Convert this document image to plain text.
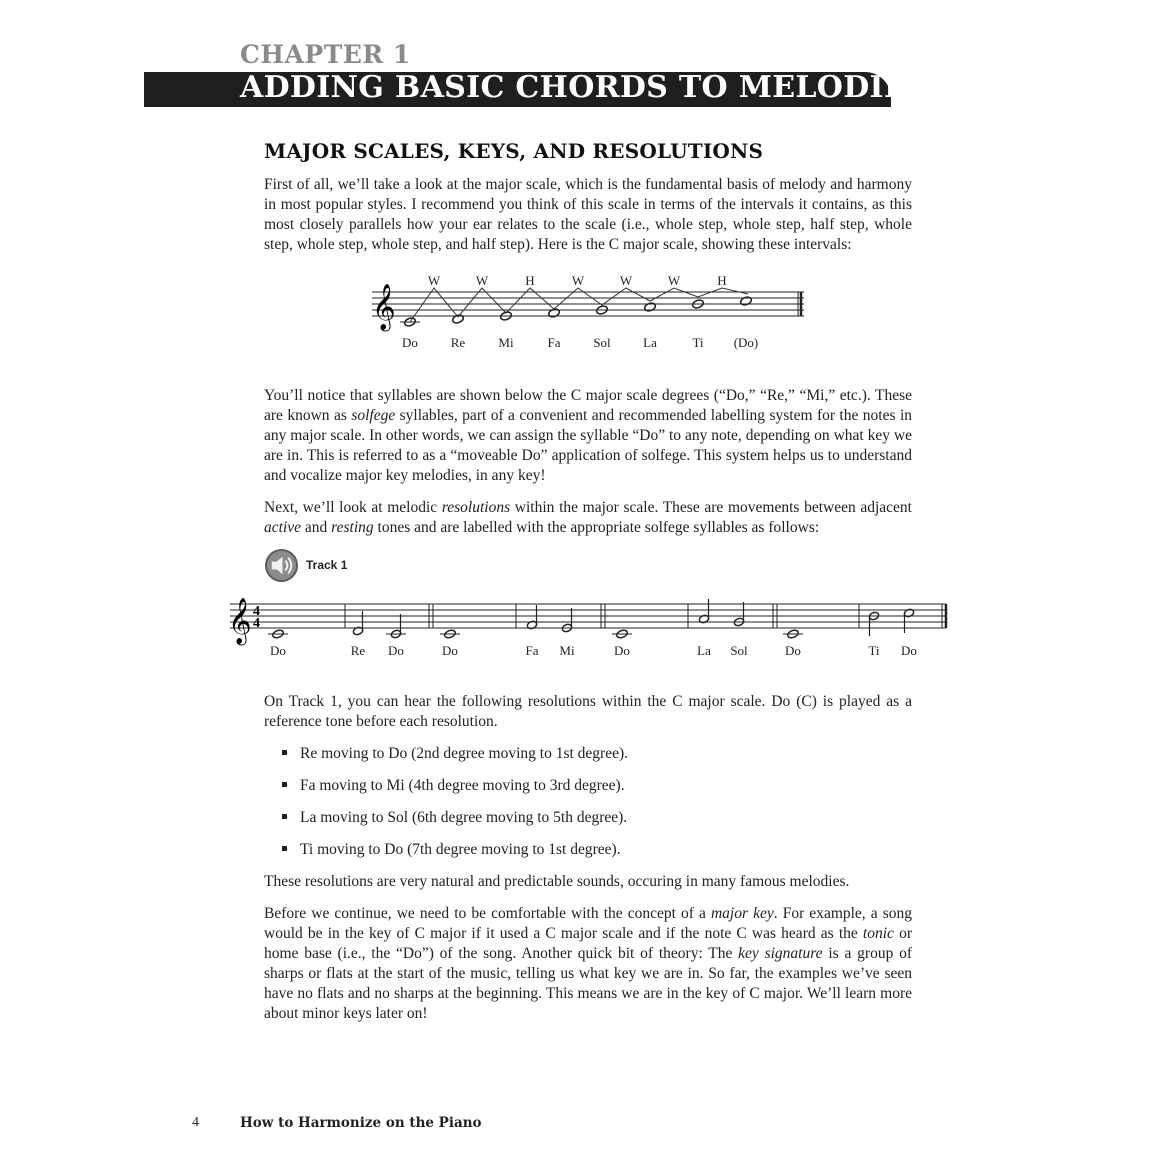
CHAPTER 1
ADDING BASIC CHORDS TO MELODIES
MAJOR SCALES, KEYS, AND RESOLUTIONS

First of all, we’ll take a look at the major scale, which is the fundamental basis of melody and harmony in most popular styles. I recommend you think of this scale in terms of the intervals it contains, as this most closely parallels how your ear relates to the scale (i.e., whole step, whole step, half step, whole step, whole step, whole step, and half step). Here is the C major scale, showing these intervals:

𝄞
W	W	H	W	W	W	H
Do	Re	Mi	Fa	Sol La	Ti (Do)

You’ll notice that syllables are shown below the C major scale degrees (“Do,” “Re,” “Mi,” etc.). These are known as solfege syllables, part of a convenient and recommended labelling system for the notes in any major scale. In other words, we can assign the syllable “Do” to any note, depending on what key we are in. This is referred to as a “moveable Do” application of solfege. This system helps us to understand and vocalize major key melodies, in any key!

Next, we’ll look at melodic resolutions within the major scale. These are movements between adjacent active and resting tones and are labelled with the appropriate solfege syllables as follows:

Track 1
𝄞 4
4
Do	Re Do	Do	Fa Mi	Do	La Sol	Do	Ti Do

On Track 1, you can hear the following resolutions within the C major scale. Do (C) is played as a reference tone before each resolution.

Re moving to Do (2nd degree moving to 1st degree).
Fa moving to Mi (4th degree moving to 3rd degree).
La moving to Sol (6th degree moving to 5th degree).
Ti moving to Do (7th degree moving to 1st degree).

These resolutions are very natural and predictable sounds, occuring in many famous melodies.

Before we continue, we need to be comfortable with the concept of a major key. For example, a song would be in the key of C major if it used a C major scale and if the note C was heard as the tonic or home base (i.e., the “Do”) of the song. Another quick bit of theory: The key signature is a group of sharps or flats at the start of the music, telling us what key we are in. So far, the examples we’ve seen have no flats and no sharps at the beginning. This means we are in the key of C major. We’ll learn more about minor keys later on!

4	How to Harmonize on the Piano
